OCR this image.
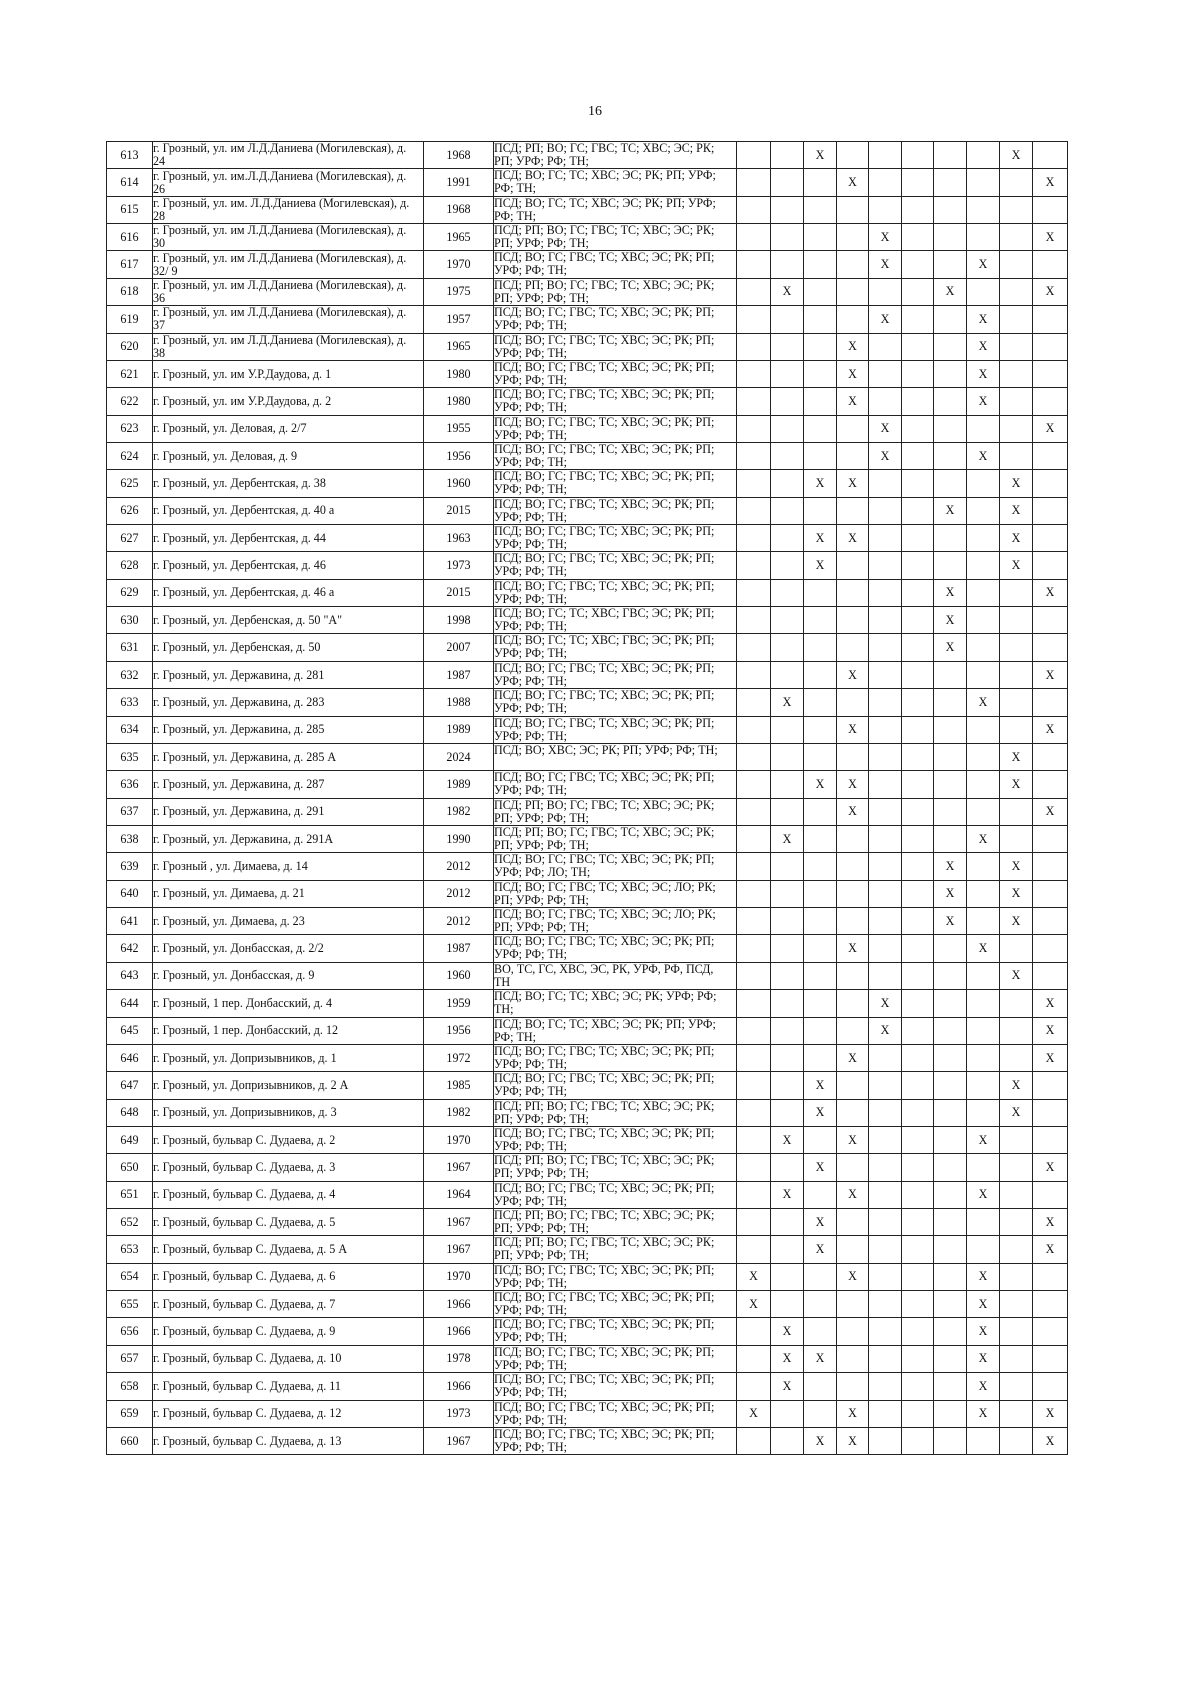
16
613	г. Грозный, ул. им Л.Д.Даниева (Могилевская), д.
24	1968	ПСД; РП; ВО; ГС; ГВС; ТС; ХВС; ЭС; РК;
РП; УРФ; РФ; ТН;			X						X	
614	г. Грозный, ул. им.Л.Д.Даниева (Могилевская), д.
26	1991	ПСД; ВО; ГС; ТС; ХВС; ЭС; РК; РП; УРФ;
РФ; ТН;				X						X
615	г. Грозный, ул. им. Л.Д.Даниева (Могилевская), д.
28	1968	ПСД; ВО; ГС; ТС; ХВС; ЭС; РК; РП; УРФ;
РФ; ТН;										
616	г. Грозный, ул. им Л.Д.Даниева (Могилевская), д.
30	1965	ПСД; РП; ВО; ГС; ГВС; ТС; ХВС; ЭС; РК;
РП; УРФ; РФ; ТН;					X					X
617	г. Грозный, ул. им Л.Д.Даниева (Могилевская), д.
32/ 9	1970	ПСД; ВО; ГС; ГВС; ТС; ХВС; ЭС; РК; РП;
УРФ; РФ; ТН;					X			X		
618	г. Грозный, ул. им Л.Д.Даниева (Могилевская), д.
36	1975	ПСД; РП; ВО; ГС; ГВС; ТС; ХВС; ЭС; РК;
РП; УРФ; РФ; ТН;		X					X			X
619	г. Грозный, ул. им Л.Д.Даниева (Могилевская), д.
37	1957	ПСД; ВО; ГС; ГВС; ТС; ХВС; ЭС; РК; РП;
УРФ; РФ; ТН;					X			X		
620	г. Грозный, ул. им Л.Д.Даниева (Могилевская), д.
38	1965	ПСД; ВО; ГС; ГВС; ТС; ХВС; ЭС; РК; РП;
УРФ; РФ; ТН;				X				X		
621	г. Грозный, ул. им У.Р.Даудова, д. 1	1980	ПСД; ВО; ГС; ГВС; ТС; ХВС; ЭС; РК; РП;
УРФ; РФ; ТН;				X				X		
622	г. Грозный, ул. им У.Р.Даудова, д. 2	1980	ПСД; ВО; ГС; ГВС; ТС; ХВС; ЭС; РК; РП;
УРФ; РФ; ТН;				X				X		
623	г. Грозный, ул. Деловая, д. 2/7	1955	ПСД; ВО; ГС; ГВС; ТС; ХВС; ЭС; РК; РП;
УРФ; РФ; ТН;					X					X
624	г. Грозный, ул. Деловая, д. 9	1956	ПСД; ВО; ГС; ГВС; ТС; ХВС; ЭС; РК; РП;
УРФ; РФ; ТН;					X			X		
625	г. Грозный, ул. Дербентская, д. 38	1960	ПСД; ВО; ГС; ГВС; ТС; ХВС; ЭС; РК; РП;
УРФ; РФ; ТН;			X	X					X	
626	г. Грозный, ул. Дербентская, д. 40 а	2015	ПСД; ВО; ГС; ГВС; ТС; ХВС; ЭС; РК; РП;
УРФ; РФ; ТН;							X		X	
627	г. Грозный, ул. Дербентская, д. 44	1963	ПСД; ВО; ГС; ГВС; ТС; ХВС; ЭС; РК; РП;
УРФ; РФ; ТН;			X	X					X	
628	г. Грозный, ул. Дербентская, д. 46	1973	ПСД; ВО; ГС; ГВС; ТС; ХВС; ЭС; РК; РП;
УРФ; РФ; ТН;			X						X	
629	г. Грозный, ул. Дербентская, д. 46 а	2015	ПСД; ВО; ГС; ГВС; ТС; ХВС; ЭС; РК; РП;
УРФ; РФ; ТН;							X			X
630	г. Грозный, ул. Дербенская, д. 50 "А"	1998	ПСД; ВО; ГС; ТС; ХВС; ГВС; ЭС; РК; РП;
УРФ; РФ; ТН;							X			
631	г. Грозный, ул. Дербенская, д. 50	2007	ПСД; ВО; ГС; ТС; ХВС; ГВС; ЭС; РК; РП;
УРФ; РФ; ТН;							X			
632	г. Грозный, ул. Державина, д. 281	1987	ПСД; ВО; ГС; ГВС; ТС; ХВС; ЭС; РК; РП;
УРФ; РФ; ТН;				X						X
633	г. Грозный, ул. Державина, д. 283	1988	ПСД; ВО; ГС; ГВС; ТС; ХВС; ЭС; РК; РП;
УРФ; РФ; ТН;		X						X		
634	г. Грозный, ул. Державина, д. 285	1989	ПСД; ВО; ГС; ГВС; ТС; ХВС; ЭС; РК; РП;
УРФ; РФ; ТН;				X						X
635	г. Грозный, ул. Державина, д. 285 А	2024	ПСД; ВО; ХВС; ЭС; РК; РП; УРФ; РФ; ТН;									X	
636	г. Грозный, ул. Державина, д. 287	1989	ПСД; ВО; ГС; ГВС; ТС; ХВС; ЭС; РК; РП;
УРФ; РФ; ТН;			X	X					X	
637	г. Грозный, ул. Державина, д. 291	1982	ПСД; РП; ВО; ГС; ГВС; ТС; ХВС; ЭС; РК;
РП; УРФ; РФ; ТН;				X						X
638	г. Грозный, ул. Державина, д. 291А	1990	ПСД; РП; ВО; ГС; ГВС; ТС; ХВС; ЭС; РК;
РП; УРФ; РФ; ТН;		X						X		
639	г. Грозный , ул. Димаева, д. 14	2012	ПСД; ВО; ГС; ГВС; ТС; ХВС; ЭС; РК; РП;
УРФ; РФ; ЛО; ТН;							X		X	
640	г. Грозный, ул. Димаева, д. 21	2012	ПСД; ВО; ГС; ГВС; ТС; ХВС; ЭС; ЛО; РК;
РП; УРФ; РФ; ТН;							X		X	
641	г. Грозный, ул. Димаева, д. 23	2012	ПСД; ВО; ГС; ГВС; ТС; ХВС; ЭС; ЛО; РК;
РП; УРФ; РФ; ТН;							X		X	
642	г. Грозный, ул. Донбасская, д. 2/2	1987	ПСД; ВО; ГС; ГВС; ТС; ХВС; ЭС; РК; РП;
УРФ; РФ; ТН;				X				X		
643	г. Грозный, ул. Донбасская, д. 9	1960	ВО, ТС, ГС, ХВС, ЭС, РК, УРФ, РФ, ПСД,
ТН									X	
644	г. Грозный, 1 пер. Донбасский, д. 4	1959	ПСД; ВО; ГС; ТС; ХВС; ЭС; РК; УРФ; РФ;
ТН;					X					X
645	г. Грозный, 1 пер. Донбасский, д. 12	1956	ПСД; ВО; ГС; ТС; ХВС; ЭС; РК; РП; УРФ;
РФ; ТН;					X					X
646	г. Грозный, ул. Допризывников, д. 1	1972	ПСД; ВО; ГС; ГВС; ТС; ХВС; ЭС; РК; РП;
УРФ; РФ; ТН;				X						X
647	г. Грозный, ул. Допризывников, д. 2 А	1985	ПСД; ВО; ГС; ГВС; ТС; ХВС; ЭС; РК; РП;
УРФ; РФ; ТН;			X						X	
648	г. Грозный, ул. Допризывников, д. 3	1982	ПСД; РП; ВО; ГС; ГВС; ТС; ХВС; ЭС; РК;
РП; УРФ; РФ; ТН;			X						X	
649	г. Грозный, бульвар С. Дудаева, д. 2	1970	ПСД; ВО; ГС; ГВС; ТС; ХВС; ЭС; РК; РП;
УРФ; РФ; ТН;		X		X				X		
650	г. Грозный, бульвар С. Дудаева, д. 3	1967	ПСД; РП; ВО; ГС; ГВС; ТС; ХВС; ЭС; РК;
РП; УРФ; РФ; ТН;			X							X
651	г. Грозный, бульвар С. Дудаева, д. 4	1964	ПСД; ВО; ГС; ГВС; ТС; ХВС; ЭС; РК; РП;
УРФ; РФ; ТН;		X		X				X		
652	г. Грозный, бульвар С. Дудаева, д. 5	1967	ПСД; РП; ВО; ГС; ГВС; ТС; ХВС; ЭС; РК;
РП; УРФ; РФ; ТН;			X							X
653	г. Грозный, бульвар С. Дудаева, д. 5 А	1967	ПСД; РП; ВО; ГС; ГВС; ТС; ХВС; ЭС; РК;
РП; УРФ; РФ; ТН;			X							X
654	г. Грозный, бульвар С. Дудаева, д. 6	1970	ПСД; ВО; ГС; ГВС; ТС; ХВС; ЭС; РК; РП;
УРФ; РФ; ТН;	X			X				X		
655	г. Грозный, бульвар С. Дудаева, д. 7	1966	ПСД; ВО; ГС; ГВС; ТС; ХВС; ЭС; РК; РП;
УРФ; РФ; ТН;	X							X		
656	г. Грозный, бульвар С. Дудаева, д. 9	1966	ПСД; ВО; ГС; ГВС; ТС; ХВС; ЭС; РК; РП;
УРФ; РФ; ТН;		X						X		
657	г. Грозный, бульвар С. Дудаева, д. 10	1978	ПСД; ВО; ГС; ГВС; ТС; ХВС; ЭС; РК; РП;
УРФ; РФ; ТН;		X	X					X		
658	г. Грозный, бульвар С. Дудаева, д. 11	1966	ПСД; ВО; ГС; ГВС; ТС; ХВС; ЭС; РК; РП;
УРФ; РФ; ТН;		X						X		
659	г. Грозный, бульвар С. Дудаева, д. 12	1973	ПСД; ВО; ГС; ГВС; ТС; ХВС; ЭС; РК; РП;
УРФ; РФ; ТН;	X			X				X		X
660	г. Грозный, бульвар С. Дудаева, д. 13	1967	ПСД; ВО; ГС; ГВС; ТС; ХВС; ЭС; РК; РП;
УРФ; РФ; ТН;			X	X						X
